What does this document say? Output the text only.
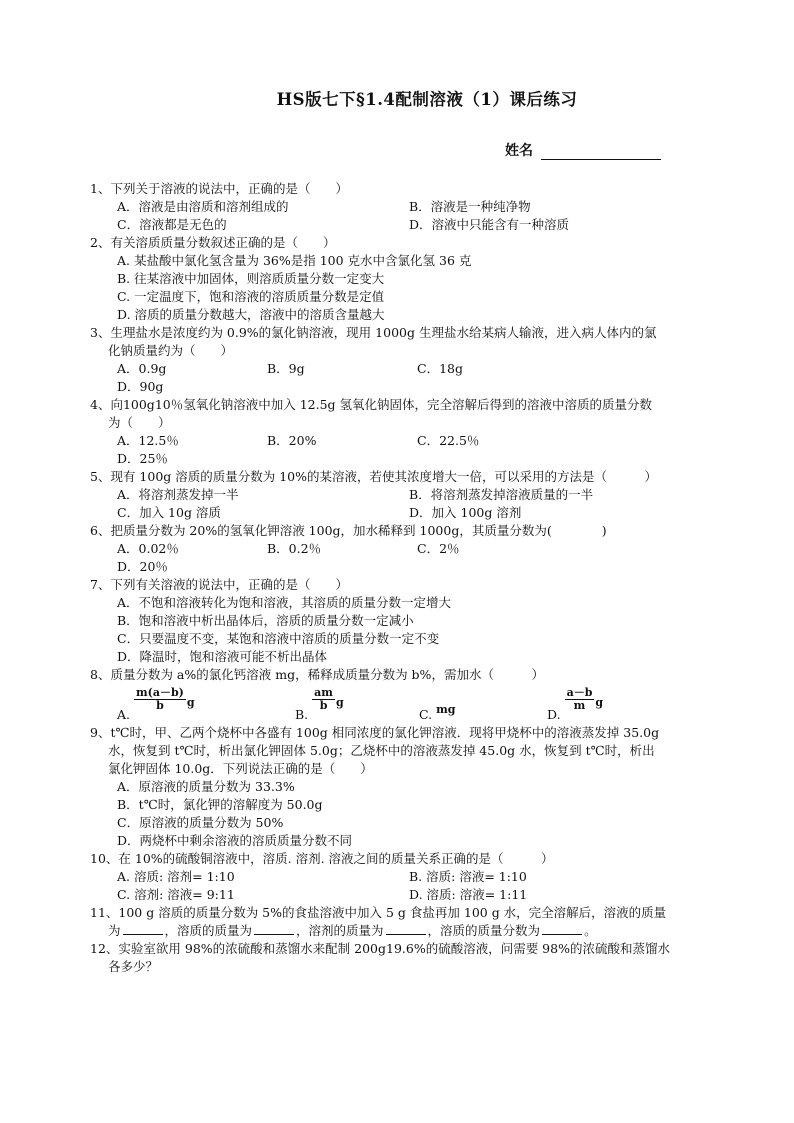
HS版七下§1.4配制溶液（1）课后练习
姓名
1、下列关于溶液的说法中，正确的是（　　）
A．溶液是由溶质和溶剂组成的	B．溶液是一种纯净物
C．溶液都是无色的	D．溶液中只能含有一种溶质
2、有关溶质质量分数叙述正确的是（　　）
A. 某盐酸中氯化氢含量为 36%是指 100 克水中含氯化氢 36 克
B. 往某溶液中加固体，则溶质质量分数一定变大
C. 一定温度下，饱和溶液的溶质质量分数是定值
D. 溶质的质量分数越大，溶液中的溶质含量越大
3、生理盐水是浓度约为 0.9%的氯化钠溶液，现用 1000g 生理盐水给某病人输液，进入病人体内的氯
化钠质量约为（　　）
A．0.9g	B．9g	C．18g
D．90g
4、向100g10％氢氧化钠溶液中加入 12.5g 氢氧化钠固体，完全溶解后得到的溶液中溶质的质量分数
为（　　）
A．12.5％	B．20%	C．22.5％
D．25％
5、现有 100g 溶质的质量分数为 10%的某溶液，若使其浓度增大一倍，可以采用的方法是（　　　）
A．将溶剂蒸发掉一半	B．将溶剂蒸发掉溶液质量的一半
C．加入 10g 溶质	D．加入 100g 溶剂
6、把质量分数为 20%的氢氧化钾溶液 100g，加水稀释到 1000g，其质量分数为(　　　　)
A．0.02％	B．0.2％	C．2％
D．20％
7、下列有关溶液的说法中，正确的是（　　）
A．不饱和溶液转化为饱和溶液，其溶质的质量分数一定增大
B．饱和溶液中析出晶体后，溶质的质量分数一定减小
C．只要温度不变，某饱和溶液中溶质的质量分数一定不变
D．降温时，饱和溶液可能不析出晶体
8、质量分数为 a%的氯化钙溶液 mg，稀释成质量分数为 b%，需加水（　　　）
A.
$\frac{m(a-b)}{b}$ g
B.
$\frac{am}{b}$ g
C. mg	D.
$\frac{a-b}{m}$ g
9、t℃时，甲、乙两个烧杯中各盛有 100g 相同浓度的氯化钾溶液．现将甲烧杯中的溶液蒸发掉 35.0g
水，恢复到 t℃时，析出氯化钾固体 5.0g；乙烧杯中的溶液蒸发掉 45.0g 水，恢复到 t℃时，析出
氯化钾固体 10.0g．下列说法正确的是（　　）
A．原溶液的质量分数为 33.3%
B．t℃时，氯化钾的溶解度为 50.0g
C．原溶液的质量分数为 50%
D．两烧杯中剩余溶液的溶质质量分数不同
10、在 10%的硫酸铜溶液中，溶质. 溶剂. 溶液之间的质量关系正确的是（　　　）
A. 溶质: 溶剂= 1:10	B. 溶质: 溶液= 1:10
C. 溶剂: 溶液= 9:11	D. 溶质: 溶液= 1:11
11、100 g 溶质的质量分数为 5%的食盐溶液中加入 5 g 食盐再加 100 g 水，完全溶解后，溶液的质量
为	，溶质的质量为	，溶剂的质量为	，溶质的质量分数为	。
12、实验室欲用 98%的浓硫酸和蒸馏水来配制 200g19.6%的硫酸溶液，问需要 98%的浓硫酸和蒸馏水
各多少？
